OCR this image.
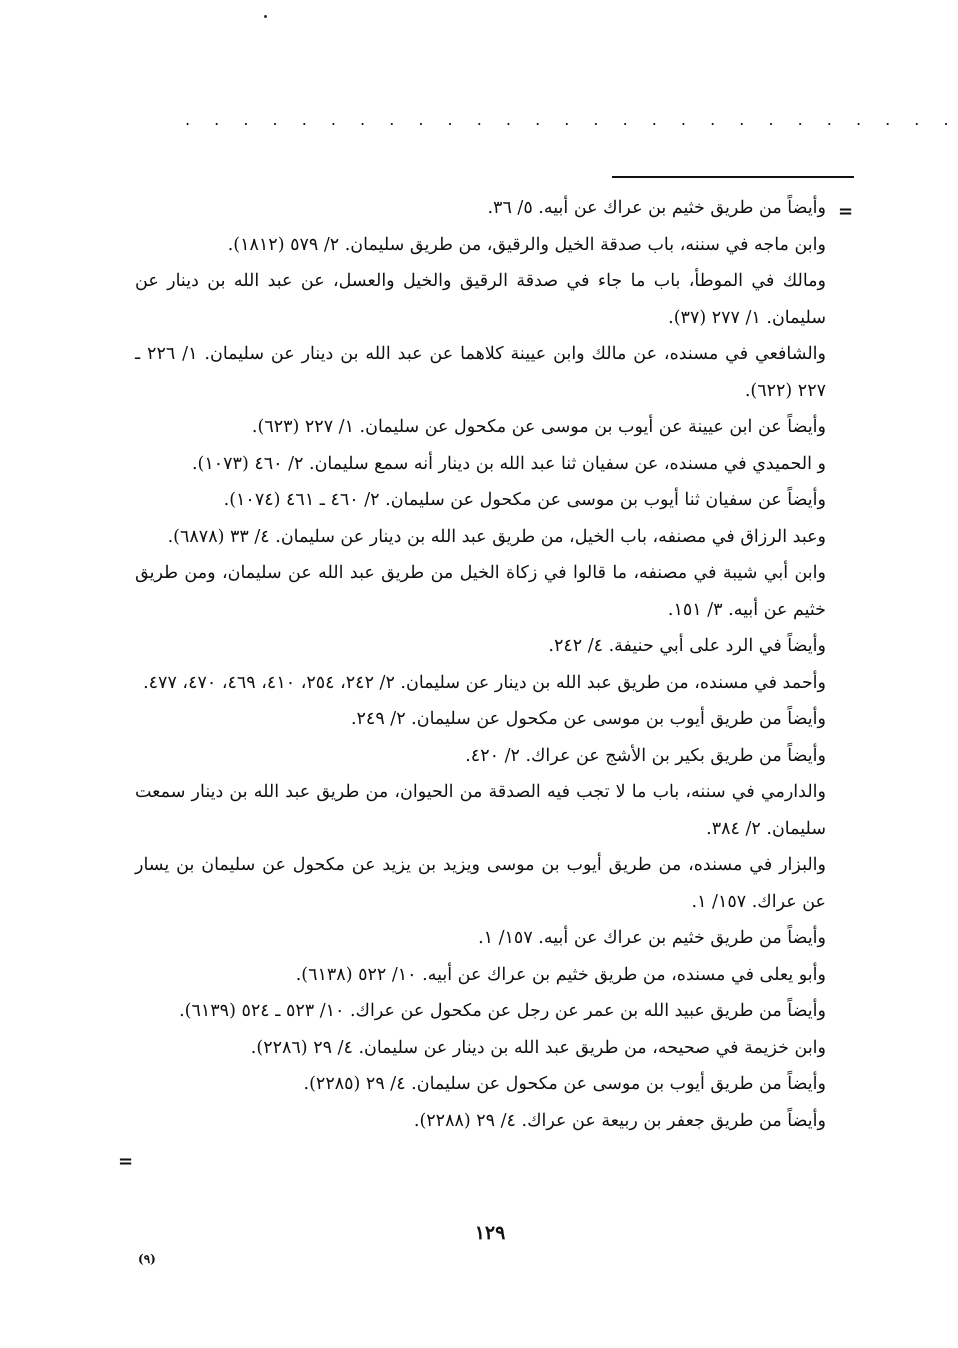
. . . . . . . . . . . . . . . . . . . . . . . . . . .
=

وأيضاً من طريق خثيم بن عراك عن أبيه. ٥/ ٣٦.

وابن ماجه في سننه، باب صدقة الخيل والرقيق، من طريق سليمان. ٢/ ٥٧٩ (١٨١٢).

ومالك في الموطأ، باب ما جاء في صدقة الرقيق والخيل والعسل، عن عبد الله بن دينار عن سليمان. ١/ ٢٧٧ (٣٧).

والشافعي في مسنده، عن مالك وابن عيينة كلاهما عن عبد الله بن دينار عن سليمان. ١/ ٢٢٦ ـ ٢٢٧ (٦٢٢).

وأيضاً عن ابن عيينة عن أيوب بن موسى عن مكحول عن سليمان. ١/ ٢٢٧ (٦٢٣).

و الحميدي في مسنده، عن سفيان ثنا عبد الله بن دينار أنه سمع سليمان. ٢/ ٤٦٠ (١٠٧٣).

وأيضاً عن سفيان ثنا أيوب بن موسى عن مكحول عن سليمان. ٢/ ٤٦٠ ـ ٤٦١ (١٠٧٤).

وعبد الرزاق في مصنفه، باب الخيل، من طريق عبد الله بن دينار عن سليمان. ٤/ ٣٣ (٦٨٧٨).

وابن أبي شيبة في مصنفه، ما قالوا في زكاة الخيل من طريق عبد الله عن سليمان، ومن طريق خثيم عن أبيه. ٣/ ١٥١.

وأيضاً في الرد على أبي حنيفة. ٤/ ٢٤٢.

وأحمد في مسنده، من طريق عبد الله بن دينار عن سليمان. ٢/ ٢٤٢، ٢٥٤، ٤١٠، ٤٦٩، ٤٧٠، ٤٧٧.

وأيضاً من طريق أيوب بن موسى عن مكحول عن سليمان. ٢/ ٢٤٩.

وأيضاً من طريق بكير بن الأشج عن عراك. ٢/ ٤٢٠.

والدارمي في سننه، باب ما لا تجب فيه الصدقة من الحيوان، من طريق عبد الله بن دينار سمعت سليمان. ٢/ ٣٨٤.

والبزار في مسنده، من طريق أيوب بن موسى ويزيد بن يزيد عن مكحول عن سليمان بن يسار عن عراك. ١٥٧/ ١.

وأيضاً من طريق خثيم بن عراك عن أبيه. ١٥٧/ ١.

وأبو يعلى في مسنده، من طريق خثيم بن عراك عن أبيه. ١٠/ ٥٢٢ (٦١٣٨).

وأيضاً من طريق عبيد الله بن عمر عن رجل عن مكحول عن عراك. ١٠/ ٥٢٣ ـ ٥٢٤ (٦١٣٩).

وابن خزيمة في صحيحه، من طريق عبد الله بن دينار عن سليمان. ٤/ ٢٩ (٢٢٨٦).

وأيضاً من طريق أيوب بن موسى عن مكحول عن سليمان. ٤/ ٢٩ (٢٢٨٥).

وأيضاً من طريق جعفر بن ربيعة عن عراك. ٤/ ٢٩ (٢٢٨٨).

=
١٢٩
(٩)
